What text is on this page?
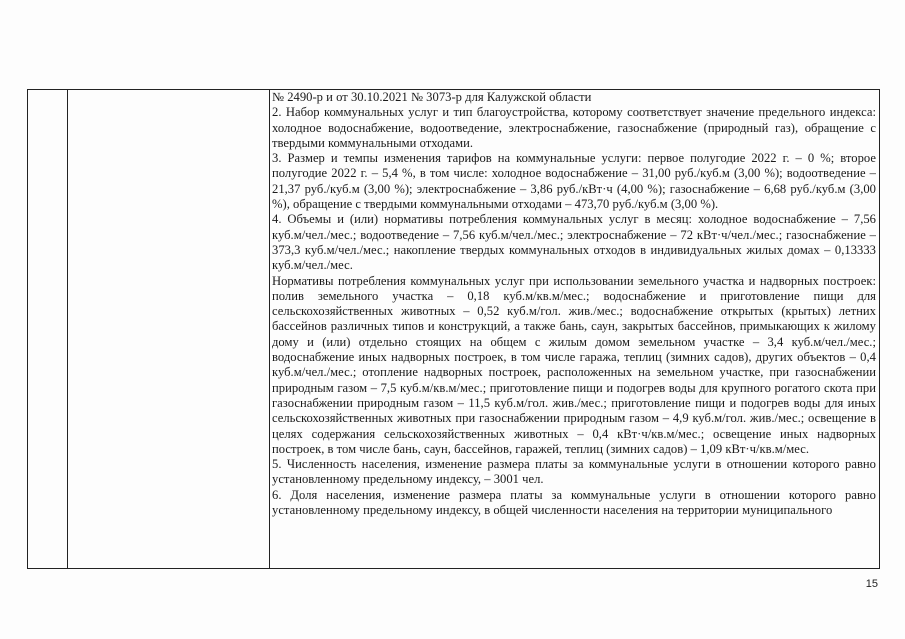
№ 2490-р и от 30.10.2021 № 3073-р для Калужской области

2. Набор коммунальных услуг и тип благоустройства, которому соответствует значение предельного индекса: холодное водоснабжение, водоотведение, электроснабжение, газоснабжение (природный газ), обращение с твердыми коммунальными отходами.

3. Размер и темпы изменения тарифов на коммунальные услуги: первое полугодие 2022 г. – 0 %; второе полугодие 2022 г. – 5,4 %, в том числе: холодное водоснабжение – 31,00 руб./куб.м (3,00 %); водоотведение – 21,37 руб./куб.м (3,00 %); электроснабжение – 3,86 руб./кВт·ч (4,00 %); газоснабжение – 6,68 руб./куб.м (3,00 %), обращение с твердыми коммунальными отходами – 473,70 руб./куб.м (3,00 %).

4. Объемы и (или) нормативы потребления коммунальных услуг в месяц: холодное водоснабжение – 7,56 куб.м/чел./мес.; водоотведение – 7,56 куб.м/чел./мес.; электроснабжение – 72 кВт·ч/чел./мес.; газоснабжение – 373,3 куб.м/чел./мес.; накопление твердых коммунальных отходов в индивидуальных жилых домах – 0,13333 куб.м/чел./мес.

Нормативы потребления коммунальных услуг при использовании земельного участка и надворных построек: полив земельного участка – 0,18 куб.м/кв.м/мес.; водоснабжение и приготовление пищи для сельскохозяйственных животных – 0,52 куб.м/гол. жив./мес.; водоснабжение открытых (крытых) летних бассейнов различных типов и конструкций, а также бань, саун, закрытых бассейнов, примыкающих к жилому дому и (или) отдельно стоящих на общем с жилым домом земельном участке – 3,4 куб.м/чел./мес.; водоснабжение иных надворных построек, в том числе гаража, теплиц (зимних садов), других объектов – 0,4 куб.м/чел./мес.; отопление надворных построек, расположенных на земельном участке, при газоснабжении природным газом – 7,5 куб.м/кв.м/мес.; приготовление пищи и подогрев воды для крупного рогатого скота при газоснабжении природным газом – 11,5 куб.м/гол. жив./мес.; приготовление пищи и подогрев воды для иных сельскохозяйственных животных при газоснабжении природным газом – 4,9 куб.м/гол. жив./мес.; освещение в целях содержания сельскохозяйственных животных – 0,4 кВт·ч/кв.м/мес.; освещение иных надворных построек, в том числе бань, саун, бассейнов, гаражей, теплиц (зимних садов) – 1,09 кВт·ч/кв.м/мес.

5. Численность населения, изменение размера платы за коммунальные услуги в отношении которого равно установленному предельному индексу, – 3001 чел.

6. Доля населения, изменение размера платы за коммунальные услуги в отношении которого равно установленному предельному индексу, в общей численности населения на территории муниципального

15
